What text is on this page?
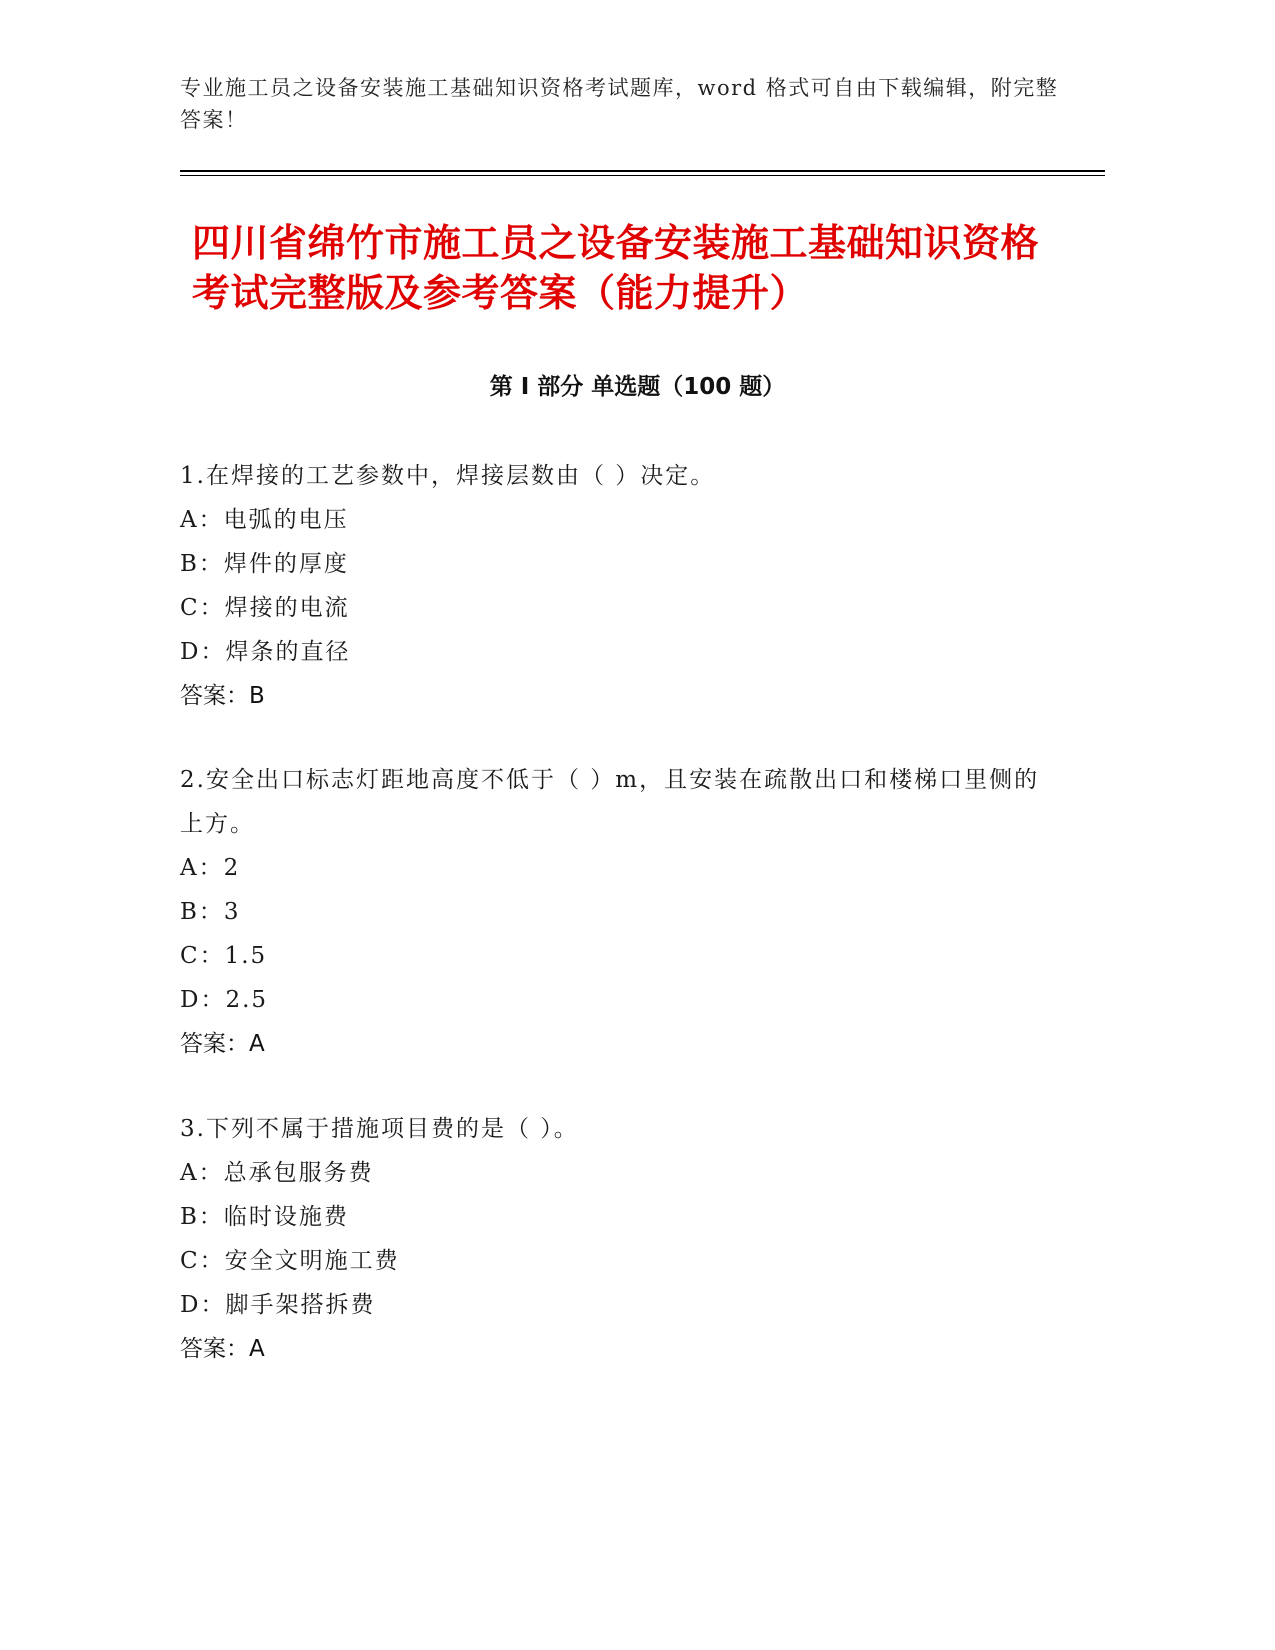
专业施工员之设备安装施工基础知识资格考试题库，word 格式可自由下载编辑，附完整答案！

四川省绵竹市施工员之设备安装施工基础知识资格考试完整版及参考答案（能力提升）
第 I 部分 单选题（100 题）

1.在焊接的工艺参数中，焊接层数由（ ）决定。

A：电弧的电压

B：焊件的厚度

C：焊接的电流

D：焊条的直径

答案：B

2.安全出口标志灯距地高度不低于（ ）m，且安装在疏散出口和楼梯口里侧的上方。

A：2

B：3

C：1.5

D：2.5

答案：A

3.下列不属于措施项目费的是（ ）。

A：总承包服务费

B：临时设施费

C：安全文明施工费

D：脚手架搭拆费

答案：A
